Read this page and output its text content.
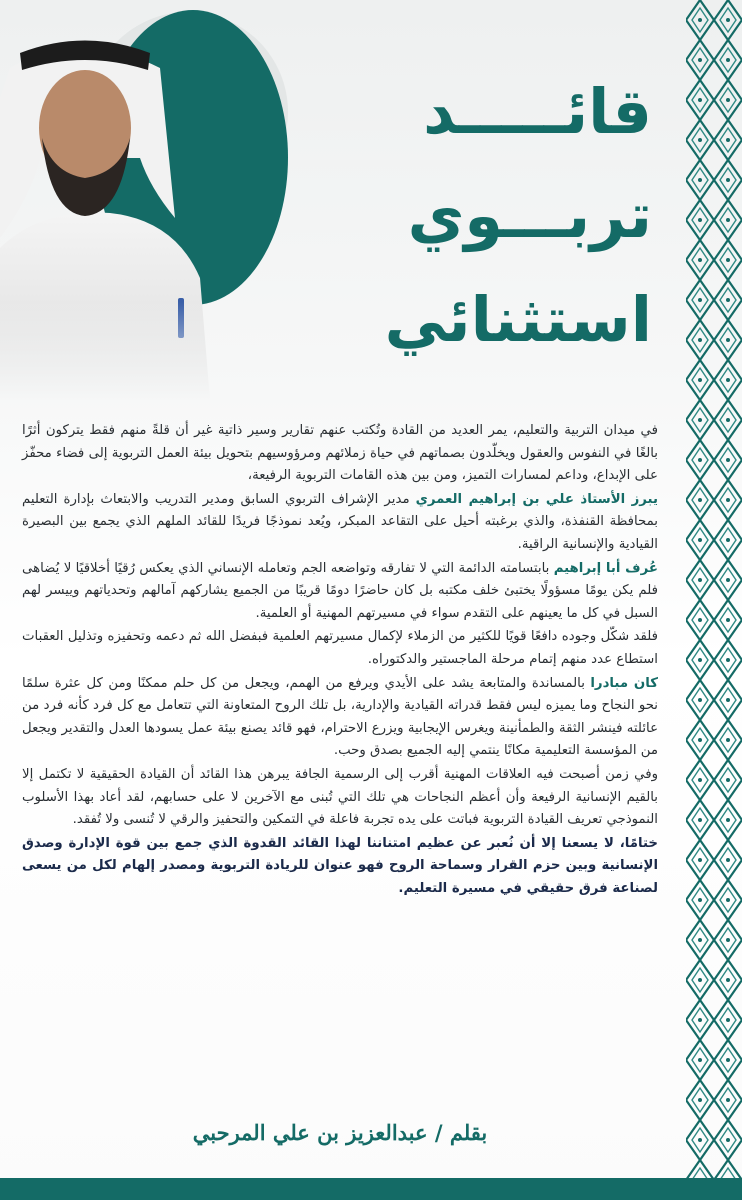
قائـــــد
تربـــوي
استثنائي

في ميدان التربية والتعليم، يمر العديد من القادة وتُكتب عنهم تقارير وسير ذاتية غير أن قلةً منهم فقط يتركون أثرًا بالغًا في النفوس والعقول ويخلّدون بصماتهم في حياة زملائهم ومرؤوسيهم بتحويل بيئة العمل التربوية إلى فضاء محفّز على الإبداع، وداعم لمسارات التميز، ومن بين هذه القامات التربوية الرفيعة،

يبرز الأستاذ علي بن إبراهيم العمري مدير الإشراف التربوي السابق ومدير التدريب والابتعاث بإدارة التعليم بمحافظة القنفذة، والذي برغبته أحيل على التقاعد المبكر، ويُعد نموذجًا فريدًا للقائد الملهم الذي يجمع بين البصيرة القيادية والإنسانية الراقية.

عُرف أبا إبراهيم بابتسامته الدائمة التي لا تفارقه وتواضعه الجم وتعامله الإنساني الذي يعكس رُقيًا أخلاقيًا لا يُضاهى فلم يكن يومًا مسؤولًا يختبئ خلف مكتبه بل كان حاضرًا دومًا قريبًا من الجميع يشاركهم آمالهم وتحدياتهم وييسر لهم السبل في كل ما يعينهم على التقدم سواء في مسيرتهم المهنية أو العلمية.

فلقد شكّل وجوده دافعًا قويًا للكثير من الزملاء لإكمال مسيرتهم العلمية فبفضل الله ثم دعمه وتحفيزه وتذليل العقبات استطاع عدد منهم إتمام مرحلة الماجستير والدكتوراه.

كان مبادرا بالمساندة والمتابعة يشد على الأيدي ويرفع من الهمم، ويجعل من كل حلم ممكنًا ومن كل عثرة سلمًا نحو النجاح وما يميزه ليس فقط قدراته القيادية والإدارية، بل تلك الروح المتعاونة التي تتعامل مع كل فرد كأنه فرد من عائلته فينشر الثقة والطمأنينة ويغرس الإيجابية ويزرع الاحترام، فهو قائد يصنع بيئة عمل يسودها العدل والتقدير ويجعل من المؤسسة التعليمية مكانًا ينتمي إليه الجميع بصدق وحب.

وفي زمن أصبحت فيه العلاقات المهنية أقرب إلى الرسمية الجافة يبرهن هذا القائد أن القيادة الحقيقية لا تكتمل إلا بالقيم الإنسانية الرفيعة وأن أعظم النجاحات هي تلك التي تُبنى مع الآخرين لا على حسابهم، لقد أعاد بهذا الأسلوب النموذجي تعريف القيادة التربوية فباتت على يده تجربة فاعلة في التمكين والتحفيز والرقي لا تُنسى ولا تُفقد.

ختامًا، لا يسعنا إلا أن نُعبر عن عظيم امتناننا لهذا القائد القدوة الذي جمع بين قوة الإدارة وصدق الإنسانية وبين حزم القرار وسماحة الروح فهو عنوان للريادة التربوية ومصدر إلهام لكل من يسعى لصناعة فرق حقيقي في مسيرة التعليم.

بقلم / عبدالعزيز بن علي المرحبي
